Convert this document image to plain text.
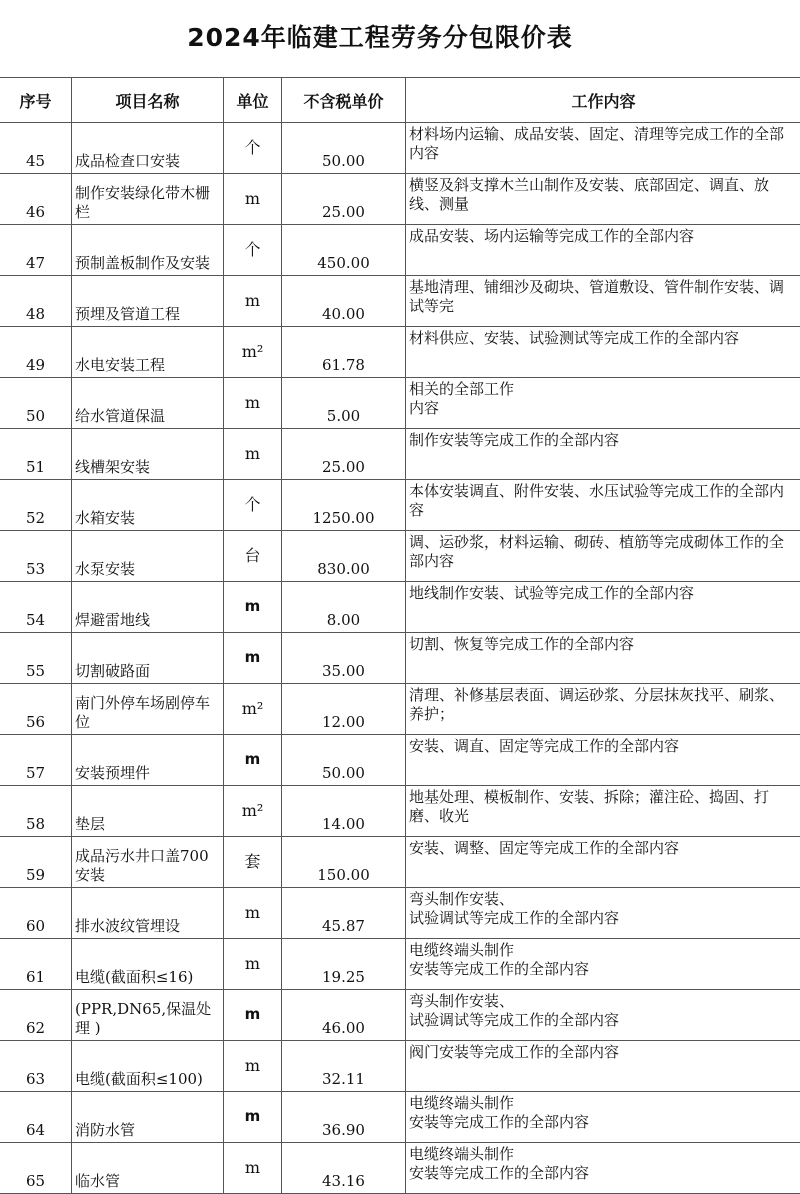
2024年临建工程劳务分包限价表
序号	项目名称	单位	不含税单价	工作内容
45	成品检查口安装	个	50.00	材料场内运输、成品安装、固定、清理等完成工作的全部内容
46	制作安装绿化带木栅栏	m	25.00	横竖及斜支撑木兰山制作及安装、底部固定、调直、放线、测量
47	预制盖板制作及安装	个	450.00	成品安装、场内运输等完成工作的全部内容
48	预埋及管道工程	m	40.00	基地清理、铺细沙及砌块、管道敷设、管件制作安装、调试等完
49	水电安装工程	m²	61.78	材料供应、安装、试验测试等完成工作的全部内容
50	给水管道保温	m	5.00	相关的全部工作
内容
51	线槽架安装	m	25.00	制作安装等完成工作的全部内容
52	水箱安装	个	1250.00	本体安装调直、附件安装、水压试验等完成工作的全部内容
53	水泵安装	台	830.00	调、运砂浆，材料运输、砌砖、植筋等完成砌体工作的全部内容
54	焊避雷地线	m	8.00	地线制作安装、试验等完成工作的全部内容
55	切割破路面	m	35.00	切割、恢复等完成工作的全部内容
56	南门外停车场剧停车位	m²	12.00	清理、补修基层表面、调运砂浆、分层抹灰找平、刷浆、养护；
57	安装预埋件	m	50.00	安装、调直、固定等完成工作的全部内容
58	垫层	m²	14.00	地基处理、模板制作、安装、拆除；灌注砼、捣固、打磨、收光
59	成品污水井口盖700安装	套	150.00	安装、调整、固定等完成工作的全部内容
60	排水波纹管埋设	m	45.87	弯头制作安装、
试验调试等完成工作的全部内容
61	电缆(截面积≤16)	m	19.25	电缆终端头制作
安装等完成工作的全部内容
62	(PPR,DN65,保温处理 )	m	46.00	弯头制作安装、
试验调试等完成工作的全部内容
63	电缆(截面积≤100)	m	32.11	阀门安装等完成工作的全部内容
64	消防水管	m	36.90	电缆终端头制作
安装等完成工作的全部内容
65	临水管	m	43.16	电缆终端头制作
安装等完成工作的全部内容
